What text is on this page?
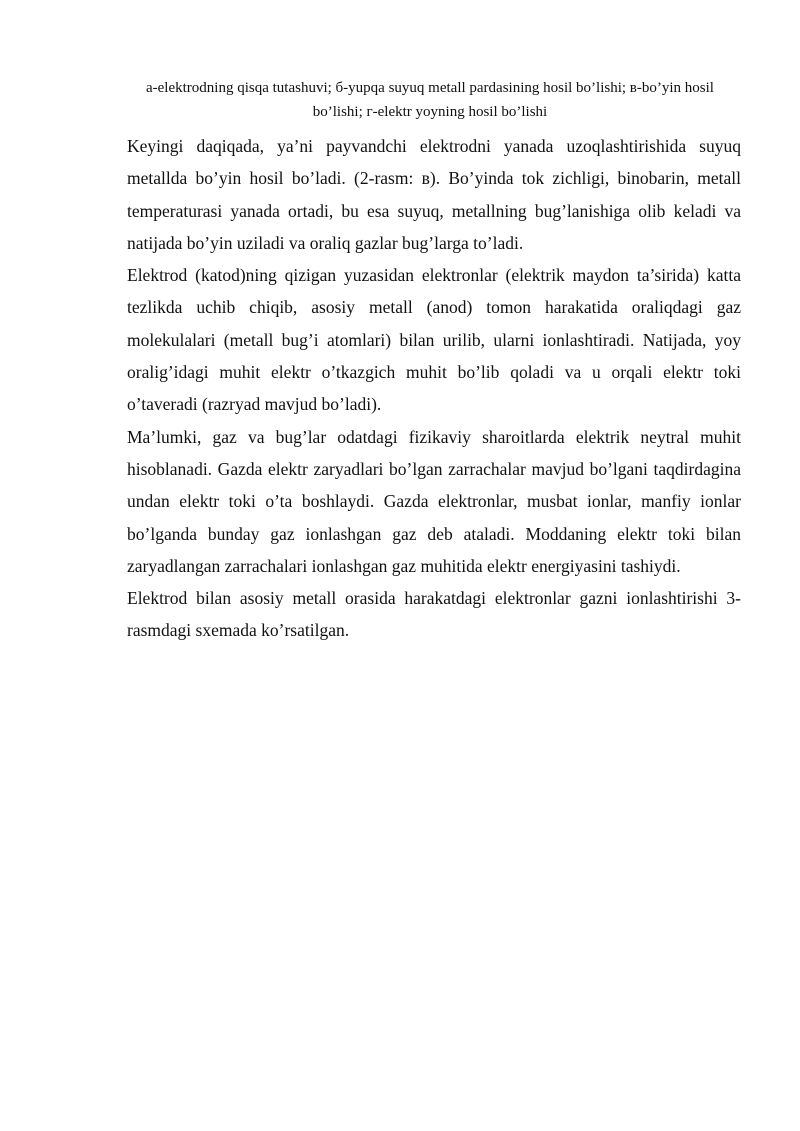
a-elektrodning qisqa tutashuvi; б-yupqa suyuq metall pardasining hosil bo’lishi; в-bo’yin hosil bo’lishi; г-elektr yoyning hosil bo’lishi

Keyingi daqiqada, ya’ni payvandchi elektrodni yanada uzoqlashtirishida suyuq metallda bo’yin hosil bo’ladi. (2-rasm: в). Bo’yinda tok zichligi, binobarin, metall temperaturasi yanada ortadi, bu esa suyuq, metallning bug’lanishiga olib keladi va natijada bo’yin uziladi va oraliq gazlar bug’larga to’ladi.

Elektrod (katod)ning qizigan yuzasidan elektronlar (elektrik maydon ta’sirida) katta tezlikda uchib chiqib, asosiy metall (anod) tomon harakatida oraliqdagi gaz molekulalari (metall bug’i atomlari) bilan urilib, ularni ionlashtiradi. Natijada, yoy oralig’idagi muhit elektr o’tkazgich muhit bo’lib qoladi va u orqali elektr toki o’taveradi (razryad mavjud bo’ladi).

Ma’lumki, gaz va bug’lar odatdagi fizikaviy sharoitlarda elektrik neytral muhit hisoblanadi. Gazda elektr zaryadlari bo’lgan zarrachalar mavjud bo’lgani taqdirdagina undan elektr toki o’ta boshlaydi. Gazda elektronlar, musbat ionlar, manfiy ionlar bo’lganda bunday gaz ionlashgan gaz deb ataladi. Moddaning elektr toki bilan zaryadlangan zarrachalari ionlashgan gaz muhitida elektr energiyasini tashiydi.

Elektrod bilan asosiy metall orasida harakatdagi elektronlar gazni ionlashtirishi 3-rasmdagi sxemada ko’rsatilgan.
